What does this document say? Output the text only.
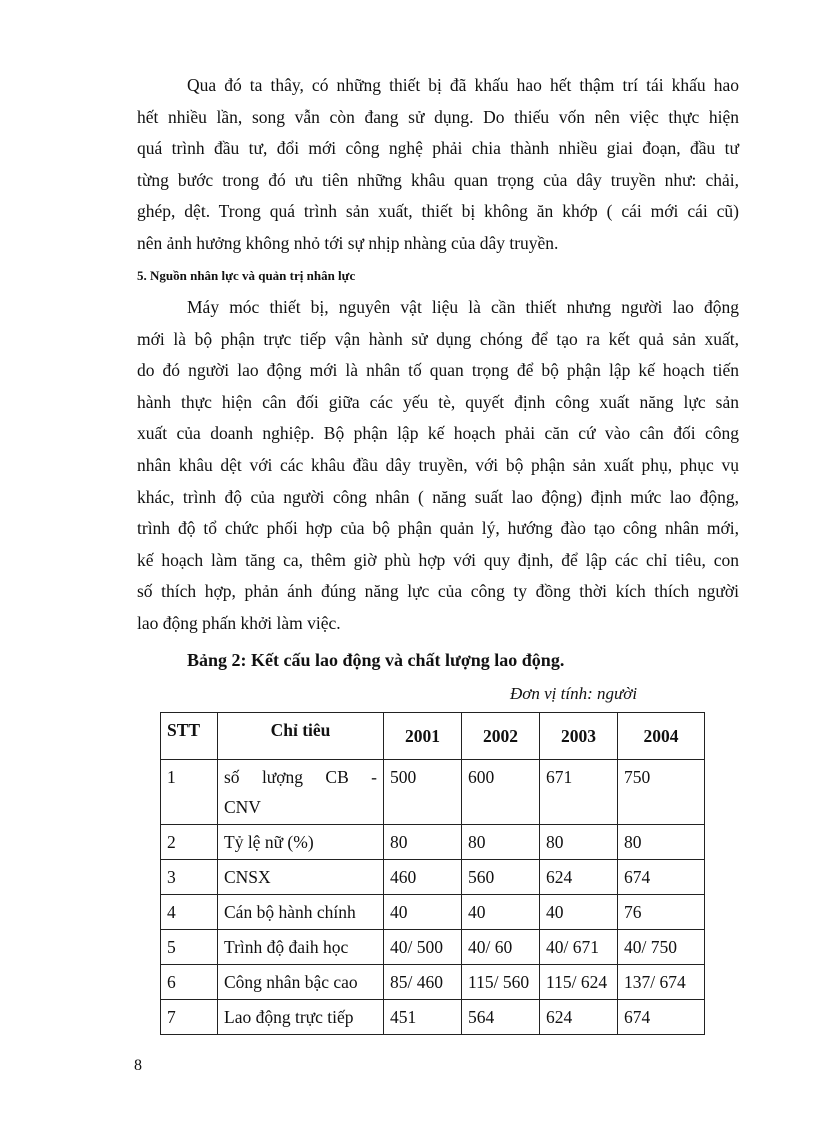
Qua đó ta thây, có những thiết bị đã khấu hao hết thậm trí tái khấu hao
hết nhiều lần, song vẫn còn đang sử dụng. Do thiếu vốn nên việc thực hiện
quá trình đầu tư, đổi mới công nghệ phải chia thành nhiều giai đoạn, đầu tư
từng bước trong đó ưu tiên những khâu quan trọng của dây truyền như: chải,
ghép, dệt. Trong quá trình sản xuất, thiết bị không ăn khớp ( cái mới cái cũ)
nên ảnh hưởng không nhỏ tới sự nhịp nhàng của dây truyền.

5. Nguồn nhân lực và quản trị nhân lực

Máy móc thiết bị, nguyên vật liệu là cần thiết nhưng người lao động
mới là bộ phận trực tiếp vận hành sử dụng chóng để tạo ra kết quả sản xuất,
do đó người lao động mới là nhân tố quan trọng để bộ phận lập kế hoạch tiến
hành thực hiện cân đối giữa các yếu tè, quyết định công xuất năng lực sản
xuất của doanh nghiệp. Bộ phận lập kế hoạch phải căn cứ vào cân đối công
nhân khâu dệt với các khâu đầu dây truyền, với bộ phận sản xuất phụ, phục vụ
khác, trình độ của người công nhân ( năng suất lao động) định mức lao động,
trình độ tổ chức phối hợp của bộ phận quản lý, hướng đào tạo công nhân mới,
kế hoạch làm tăng ca, thêm giờ phù hợp với quy định, để lập các chỉ tiêu, con
số thích hợp, phản ánh đúng năng lực của công ty đồng thời kích thích người
lao động phấn khởi làm việc.

Bảng 2: Kết cấu lao động và chất lượng lao động.

Đơn vị tính: người

STT	Chỉ tiêu	2001	2002	2003	2004
1	số lượng CB -
CNV	500	600	671	750
2	Tỷ lệ nữ (%)	80	80	80	80
3	CNSX	460	560	624	674
4	Cán bộ hành chính	40	40	40	76
5	Trình độ đaih học	40/ 500	40/ 60	40/ 671	40/ 750
6	Công nhân bậc cao	85/ 460	115/ 560	115/ 624	137/ 674
7	Lao động trực tiếp	451	564	624	674

8
